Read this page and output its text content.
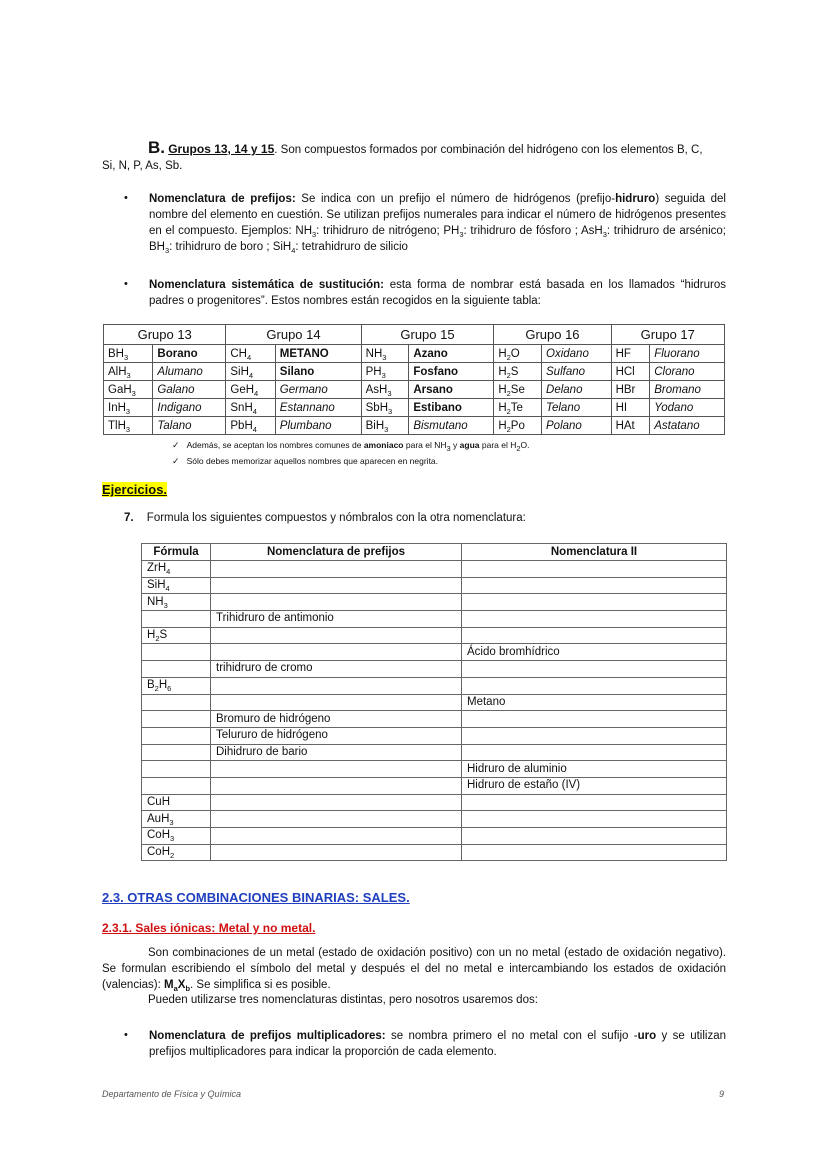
B. Grupos 13, 14 y 15. Son compuestos formados por combinación del hidrógeno con los elementos B, C,
Si, N, P, As, Sb.
• Nomenclatura de prefijos: Se indica con un prefijo el número de hidrógenos (prefijo-hidruro) seguida del nombre del elemento en cuestión. Se utilizan prefijos numerales para indicar el número de hidrógenos presentes en el compuesto. Ejemplos: $NH_3$: trihidruro de nitrógeno; $PH_3$: trihidruro de fósforo ; AsH$_3$: trihidruro de arsénico; $BH_3$: trihidruro de boro ; SiH$_4$: tetrahidruro de silicio
• Nomenclatura sistemática de sustitución: esta forma de nombrar está basada en los llamados “hidruros padres o progenitores”. Estos nombres están recogidos en la siguiente tabla:
Grupo 13		Grupo 14		Grupo 15		Grupo 16		Grupo 17	
$BH_3$	Borano	$CH_4$	METANO	$NH_3$	Azano	$H_2O$	Oxidano	HF	Fluorano
AlH$_3$	Alumano	SiH$_4$	Silano	$PH_3$	Fosfano	$H_2S$	Sulfano	HCl	Clorano
GaH$_3$	Galano	GeH$_4$	Germano	AsH$_3$	Arsano	$H_2Se$	Delano	HBr	Bromano
InH$_3$	Indigano	SnH$_4$	Estannano	SbH$_3$	Estibano	$H_2Te$	Telano	HI	Yodano
TlH$_3$	Talano	PbH$_4$	Plumbano	BiH$_3$	Bismutano	$H_2Po$	Polano	HAt	Astatano
✓   Además, se aceptan los nombres comunes de amoniaco para el $NH_3$ y agua para el $H_2O$.
✓ Sólo debes memorizar aquellos nombres que aparecen en negrita.
Ejercicios.
7. Formula los siguientes compuestos y nómbralos con la otra nomenclatura:
Fórmula	Nomenclatura de prefijos	Nomenclatura II
ZrH$_4$		
SiH$_4$		
$NH_3$		
	Trihidruro de antimonio	
$H_2S$		
		Ácido bromhídrico
	trihidruro de cromo	
$B_2H_6$		
		Metano
	Bromuro de hidrógeno	
	Telururo de hidrógeno	
	Dihidruro de bario	
		Hidruro de aluminio
		Hidruro de estaño (IV)
CuH		
AuH$_3$		
CoH$_3$		
CoH$_2$		
2.3. OTRAS COMBINACIONES BINARIAS: SALES.
2.3.1. Sales iónicas: Metal y no metal.
Son combinaciones de un metal (estado de oxidación positivo) con un no metal (estado de oxidación negativo). Se formulan escribiendo el símbolo del metal y después el del no metal e intercambiando los estados de oxidación (valencias): $M_aX_b$. Se simplifica si es posible.
Pueden utilizarse tres nomenclaturas distintas, pero nosotros usaremos dos:
• Nomenclatura de prefijos multiplicadores: se nombra primero el no metal con el sufijo -uro y se utilizan prefijos multiplicadores para indicar la proporción de cada elemento.
Departamento de Física y Química	9
